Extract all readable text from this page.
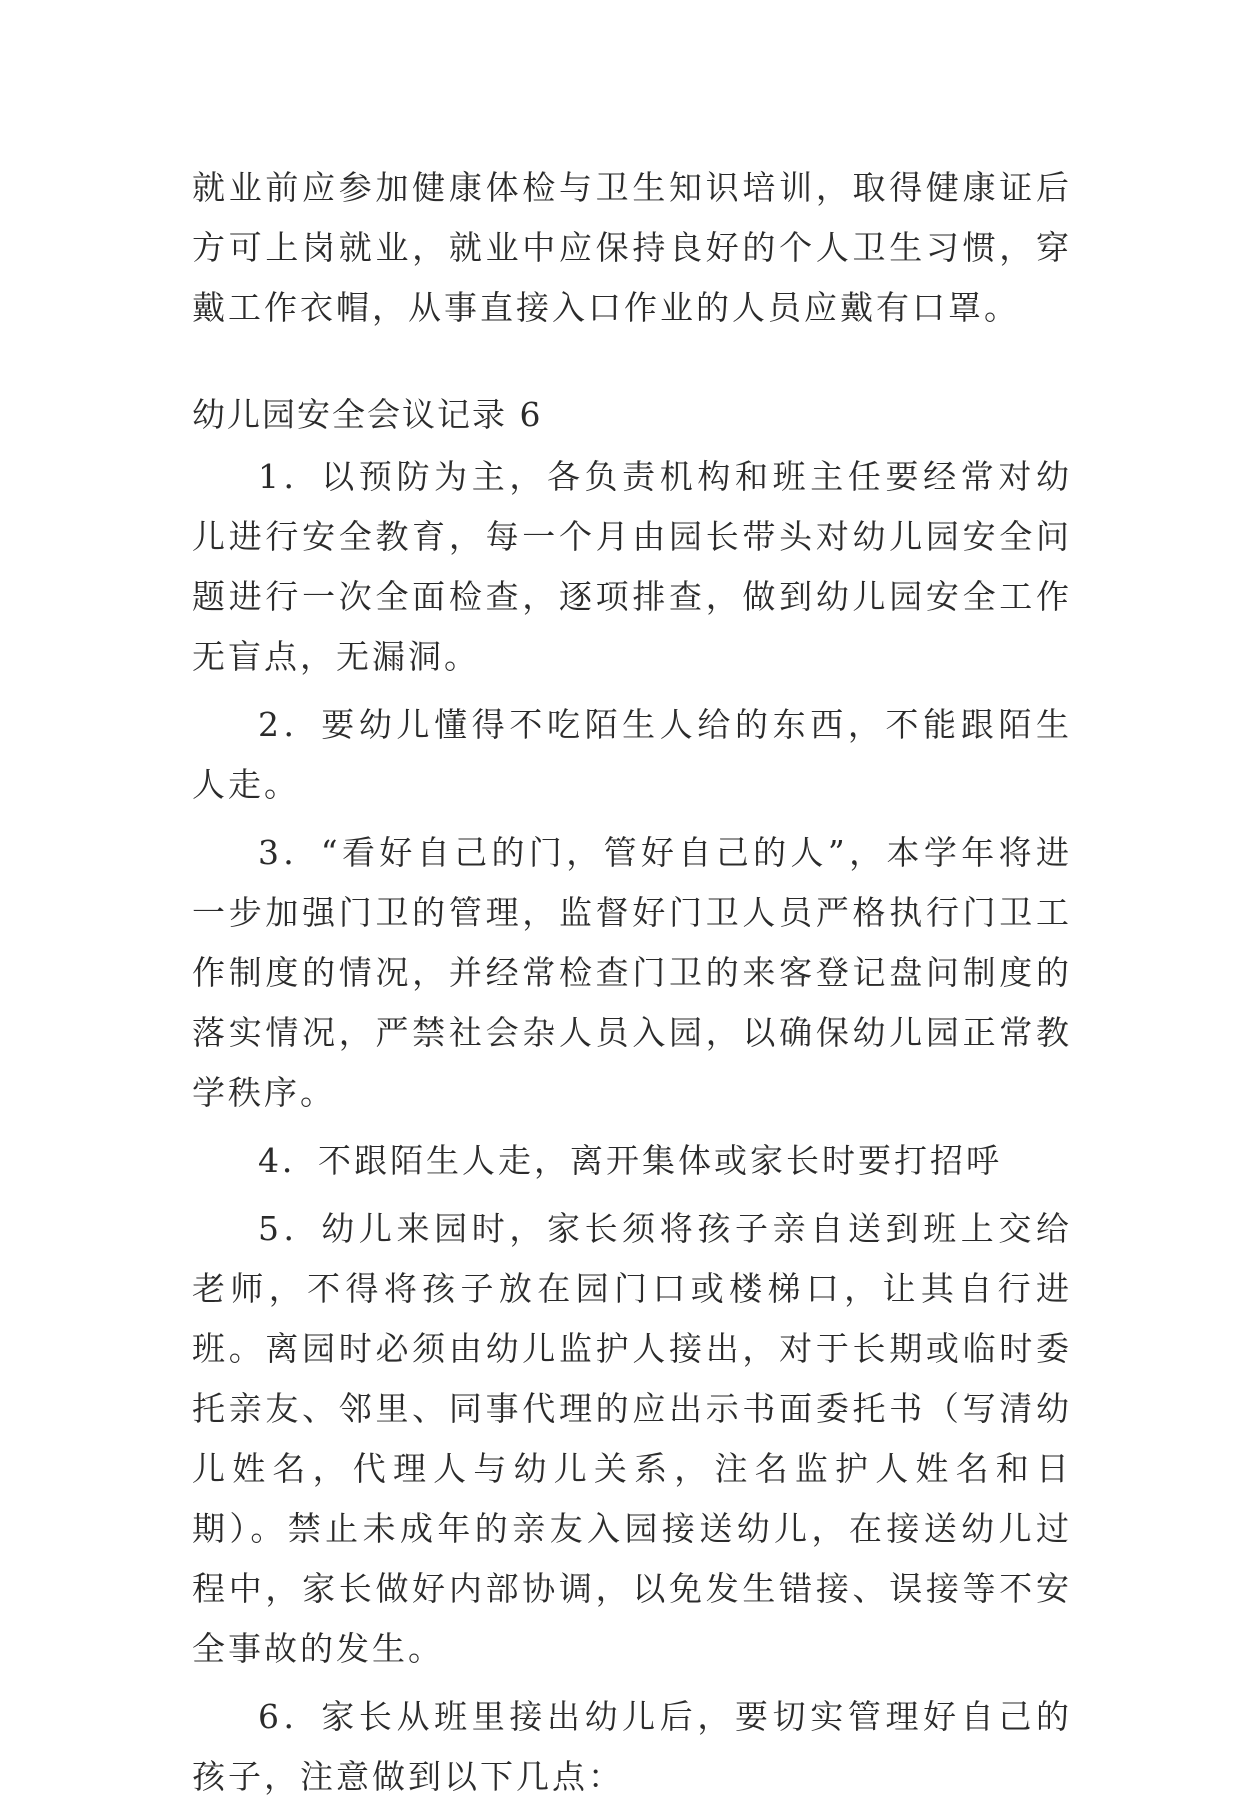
就业前应参加健康体检与卫生知识培训，取得健康证后方可上岗就业，就业中应保持良好的个人卫生习惯，穿戴工作衣帽，从事直接入口作业的人员应戴有口罩。

幼儿园安全会议记录 6

1．以预防为主，各负责机构和班主任要经常对幼儿进行安全教育，每一个月由园长带头对幼儿园安全问题进行一次全面检查，逐项排查，做到幼儿园安全工作无盲点，无漏洞。

2．要幼儿懂得不吃陌生人给的东西，不能跟陌生人走。

3．“看好自己的门，管好自己的人”，本学年将进一步加强门卫的管理，监督好门卫人员严格执行门卫工作制度的情况，并经常检查门卫的来客登记盘问制度的落实情况，严禁社会杂人员入园，以确保幼儿园正常教学秩序。

4．不跟陌生人走，离开集体或家长时要打招呼

5．幼儿来园时，家长须将孩子亲自送到班上交给老师，不得将孩子放在园门口或楼梯口，让其自行进班。离园时必须由幼儿监护人接出，对于长期或临时委托亲友、邻里、同事代理的应出示书面委托书（写清幼儿姓名，代理人与幼儿关系，注名监护人姓名和日期）。禁止未成年的亲友入园接送幼儿，在接送幼儿过程中，家长做好内部协调，以免发生错接、误接等不安全事故的发生。

6．家长从班里接出幼儿后，要切实管理好自己的孩子，注意做到以下几点：
